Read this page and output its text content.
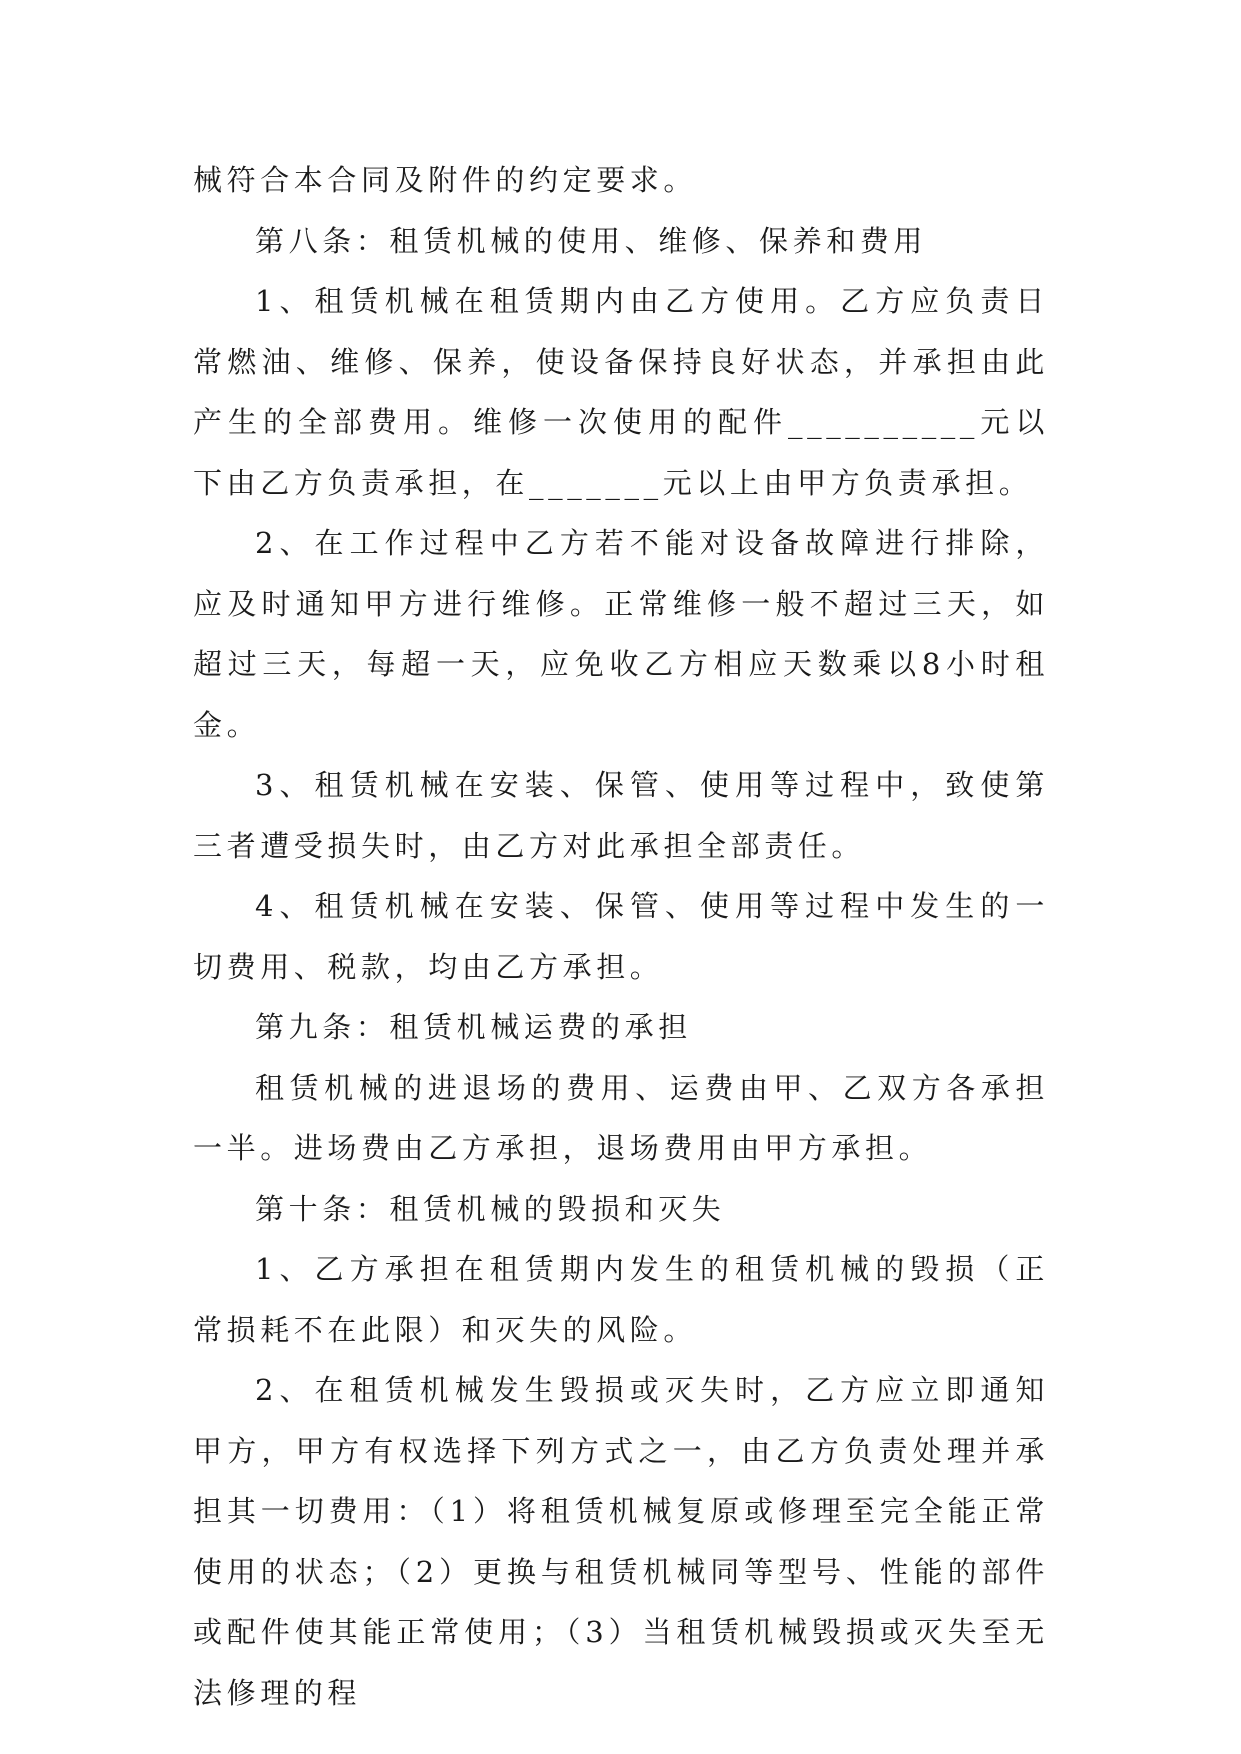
械符合本合同及附件的约定要求。

第八条：租赁机械的使用、维修、保养和费用

1、租赁机械在租赁期内由乙方使用。乙方应负责日常燃油、维修、保养，使设备保持良好状态，并承担由此产生的全部费用。维修一次使用的配件__________元以下由乙方负责承担，在_______元以上由甲方负责承担。

2、在工作过程中乙方若不能对设备故障进行排除，应及时通知甲方进行维修。正常维修一般不超过三天，如超过三天，每超一天，应免收乙方相应天数乘以8小时租金。

3、租赁机械在安装、保管、使用等过程中，致使第三者遭受损失时，由乙方对此承担全部责任。

4、租赁机械在安装、保管、使用等过程中发生的一切费用、税款，均由乙方承担。

第九条：租赁机械运费的承担

租赁机械的进退场的费用、运费由甲、乙双方各承担一半。进场费由乙方承担，退场费用由甲方承担。

第十条：租赁机械的毁损和灭失

1、乙方承担在租赁期内发生的租赁机械的毁损（正常损耗不在此限）和灭失的风险。

2、在租赁机械发生毁损或灭失时，乙方应立即通知甲方，甲方有权选择下列方式之一，由乙方负责处理并承担其一切费用：（1）将租赁机械复原或修理至完全能正常使用的状态；（2）更换与租赁机械同等型号、性能的部件或配件使其能正常使用；（3）当租赁机械毁损或灭失至无法修理的程
